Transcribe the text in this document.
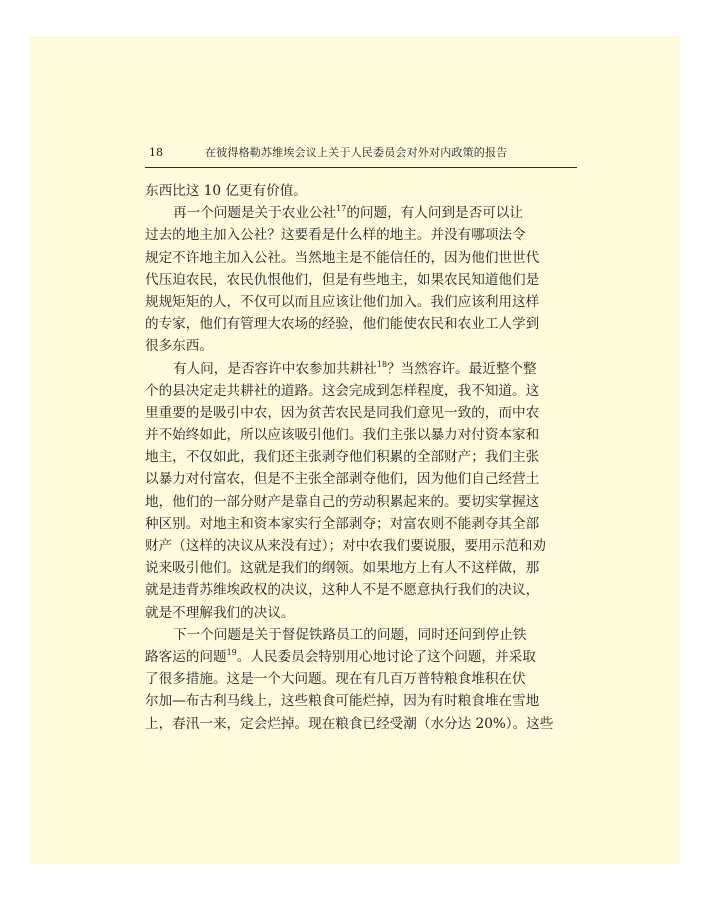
18	在彼得格勒苏维埃会议上关于人民委员会对外对内政策的报告
东西比这 10 亿更有价值。
再一个问题是关于农业公社$^{17}$的问题，有人问到是否可以让
过去的地主加入公社？这要看是什么样的地主。并没有哪项法令
规定不许地主加入公社。当然地主是不能信任的，因为他们世世代
代压迫农民，农民仇恨他们，但是有些地主，如果农民知道他们是
规规矩矩的人，不仅可以而且应该让他们加入。我们应该利用这样
的专家，他们有管理大农场的经验，他们能使农民和农业工人学到
很多东西。
有人问，是否容许中农参加共耕社$^{18}$？当然容许。最近整个整
个的县决定走共耕社的道路。这会完成到怎样程度，我不知道。这
里重要的是吸引中农，因为贫苦农民是同我们意见一致的，而中农
并不始终如此，所以应该吸引他们。我们主张以暴力对付资本家和
地主，不仅如此，我们还主张剥夺他们积累的全部财产；我们主张
以暴力对付富农，但是不主张全部剥夺他们，因为他们自己经营土
地，他们的一部分财产是靠自己的劳动积累起来的。要切实掌握这
种区别。对地主和资本家实行全部剥夺；对富农则不能剥夺其全部
财产（这样的决议从来没有过）；对中农我们要说服，要用示范和劝
说来吸引他们。这就是我们的纲领。如果地方上有人不这样做，那
就是违背苏维埃政权的决议，这种人不是不愿意执行我们的决议，
就是不理解我们的决议。
下一个问题是关于督促铁路员工的问题，同时还问到停止铁
路客运的问题$^{19}$。人民委员会特别用心地讨论了这个问题，并采取
了很多措施。这是一个大问题。现在有几百万普特粮食堆积在伏
尔加—布古利马线上，这些粮食可能烂掉，因为有时粮食堆在雪地
上，春汛一来，定会烂掉。现在粮食已经受潮（水分达 20%）。这些
